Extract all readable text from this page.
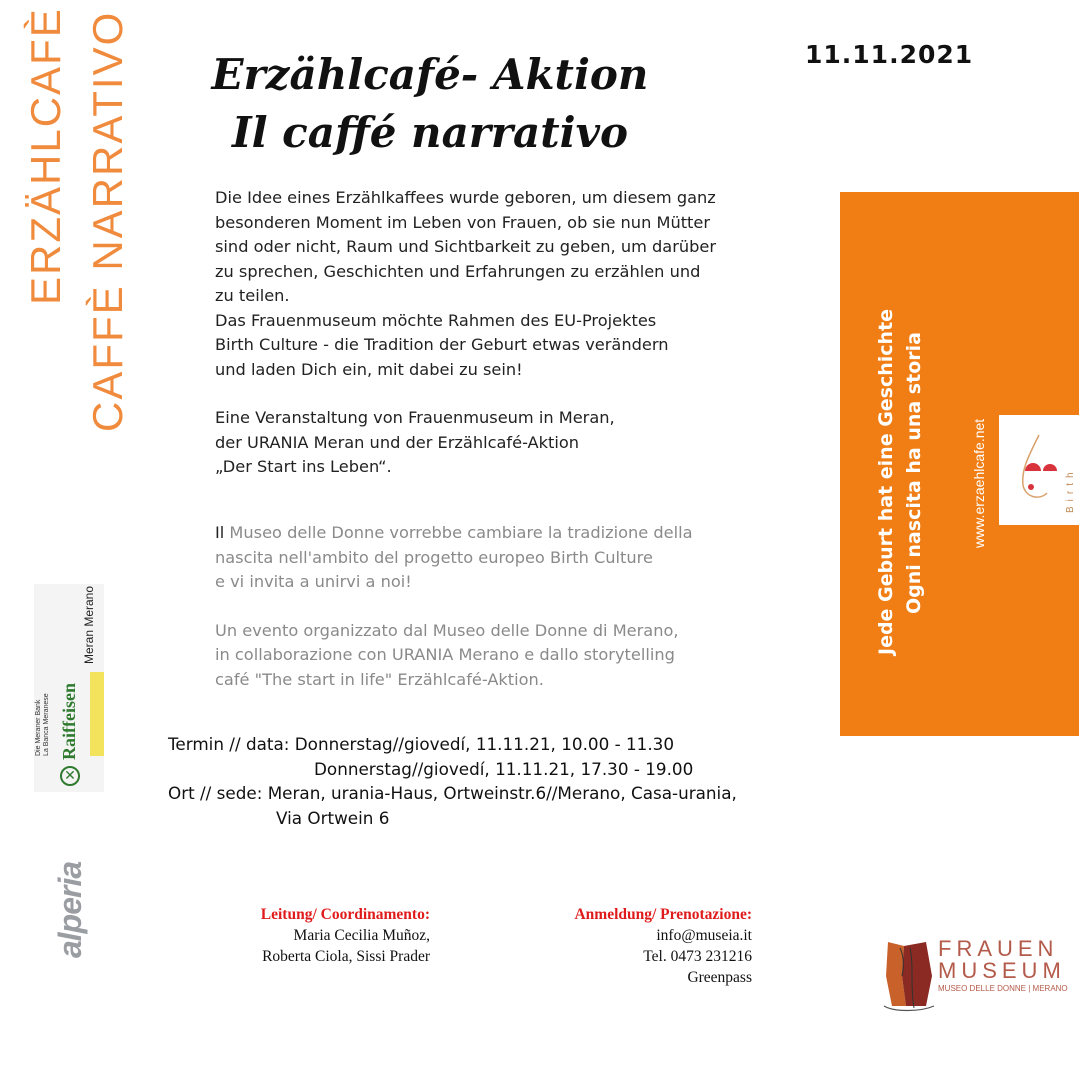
ERZÄHLCAFÈ CAFFÈ NARRATIVO	Erzählcafé- Aktion
Il caffé narrativo
11.11.2021
Die Idee eines Erzählkaffees wurde geboren, um diesem ganz
besonderen Moment im Leben von Frauen, ob sie nun Mütter
sind oder nicht, Raum und Sichtbarkeit zu geben, um darüber
zu sprechen, Geschichten und Erfahrungen zu erzählen und
zu teilen.
Das Frauenmuseum möchte Rahmen des EU-Projektes
Birth Culture - die Tradition der Geburt etwas verändern
und laden Dich ein, mit dabei zu sein!
Eine Veranstaltung von Frauenmuseum in Meran,
der URANIA Meran und der Erzählcafé-Aktion
„Der Start ins Leben“.
Il Museo delle Donne vorrebbe cambiare la tradizione della
nascita nell'ambito del progetto europeo Birth Culture
e vi invita a unirvi a noi!
Un evento organizzato dal Museo delle Donne di Merano,
in collaborazione con URANIA Merano e dallo storytelling
café "The start in life" Erzählcafé-Aktion.
Termin // data:
Donnerstag//giovedí, 11.11.21, 10.00 - 11.30
Donnerstag//giovedí, 11.11.21, 17.30 - 19.00
Ort // sede : Meran, urania-Haus, Ortweinstr.6//Merano, Casa-urania,
Via Ortwein 6
Leitung/ Coordinamento:
Maria Cecilia Muñoz,
Roberta Ciola, Sissi Prader
Anmeldung/ Prenotazione:
info@museia.it
Tel. 0473 231216
Greenpass
Jede Geburt hat eine Geschichte Ogni nascita ha una storia	www.erzaehlcafe.net	Birth
Die Meraner Bank La Banca Meranese
✕
Raiffeisen
Meran Merano
alperia	FRAUEN
MUSEUM
MUSEO DELLE DONNE | MERANO
